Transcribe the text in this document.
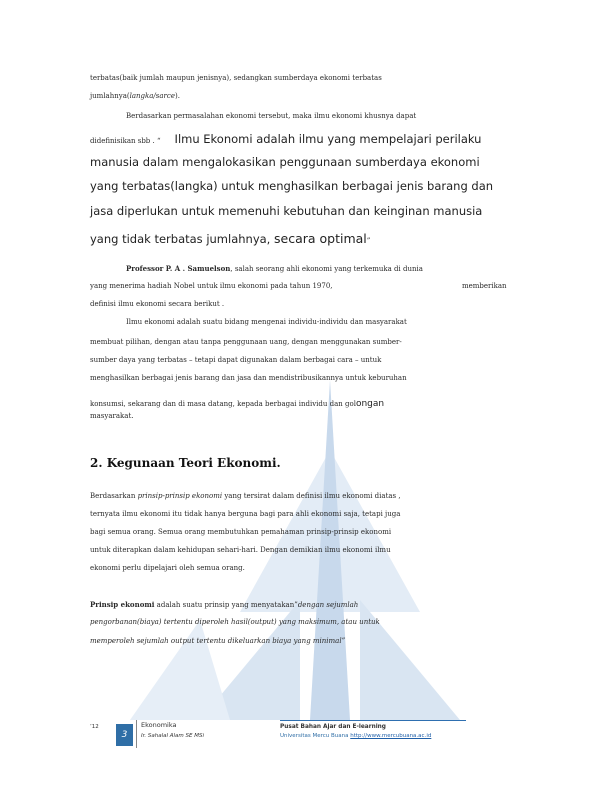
terbatas(baik jumlah maupun jenisnya), sedangkan sumberdaya ekonomi terbatas
jumlahnya(langka/sarce).
Berdasarkan permasalahan ekonomi tersebut, maka ilmu ekonomi khusnya dapat
didefinisikan sbb . “ Ilmu Ekonomi adalah ilmu yang mempelajari perilaku
manusia dalam mengalokasikan penggunaan sumberdaya ekonomi
yang terbatas(langka) untuk menghasilkan berbagai jenis barang dan
jasa diperlukan untuk memenuhi kebutuhan dan keinginan manusia
yang tidak terbatas jumlahnya, secara optimal”
Professor P. A . Samuelson, salah seorang ahli ekonomi yang terkemuka di dunia
yang menerima hadiah Nobel untuk ilmu ekonomi pada tahun 1970,	memberikan
definisi ilmu ekonomi secara berikut .
Ilmu ekonomi adalah suatu bidang mengenai individu-individu dan masyarakat
membuat pilihan, dengan atau tanpa penggunaan uang, dengan menggunakan sumber-
sumber daya yang terbatas – tetapi dapat digunakan dalam berbagai cara – untuk
menghasilkan berbagai jenis barang dan jasa dan mendistribusikannya untuk keburuhan
konsumsi, sekarang dan di masa datang, kepada berbagai individu dan golongan
masyarakat.
2. Kegunaan Teori Ekonomi.
Berdasarkan prinsip-prinsip ekonomi yang tersirat dalam definisi ilmu ekonomi diatas ,
ternyata ilmu ekonomi itu tidak hanya berguna bagi para ahli ekonomi saja, tetapi juga
bagi semua orang. Semua orang membutuhkan pemahaman prinsip-prinsip ekonomi
untuk diterapkan dalam kehidupan sehari-hari. Dengan demikian ilmu ekonomi ilmu
ekonomi perlu dipelajari oleh semua orang.
Prinsip ekonomi adalah suatu prinsip yang menyatakan”dengan sejumlah
pengorbanan(biaya) tertentu diperoleh hasil(output) yang maksimum, atau untuk
memperoleh sejumlah output tertentu dikeluarkan biaya yang minimal”
’12
3
Ekonomika
Ir. Sahalal Alam SE MSi
Pusat Bahan Ajar dan E-learning
Universitas Mercu Buana http://www.mercubuana.ac.id
